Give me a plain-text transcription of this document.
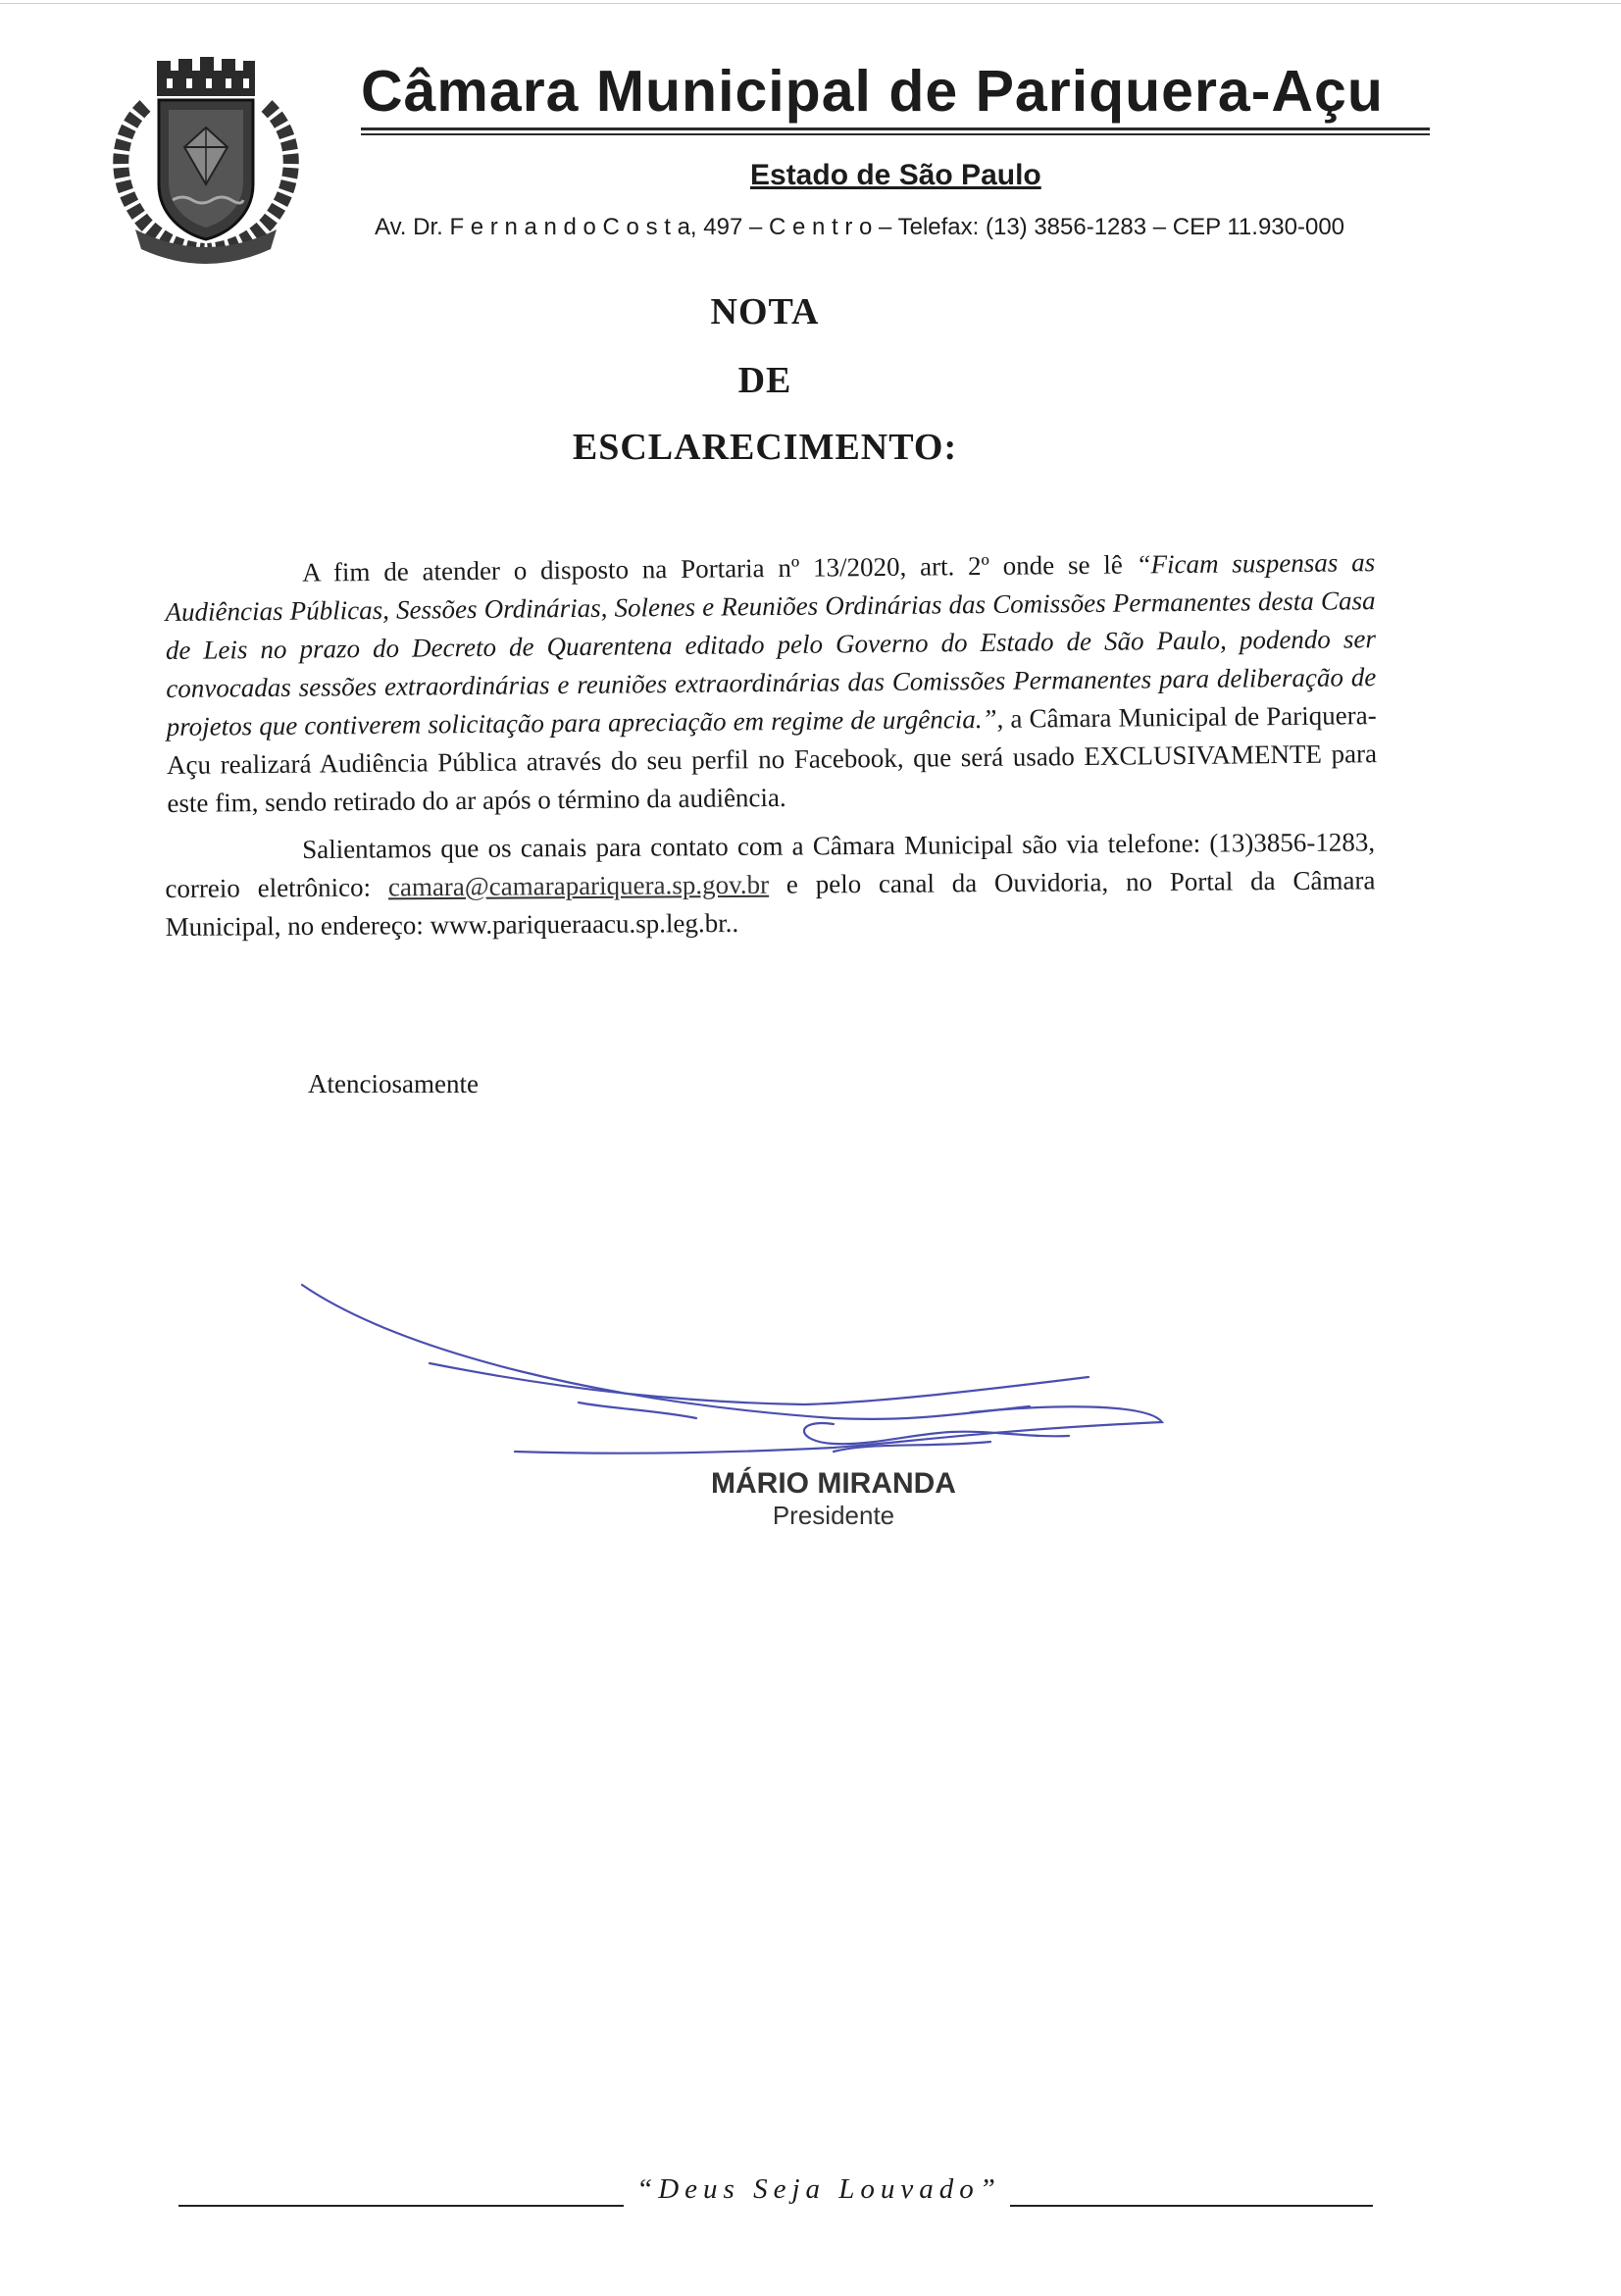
Câmara Municipal de Pariquera-Açu
Estado de São Paulo
Av. Dr. F e r n a n d o C o s t a, 497 – C e n t r o – Telefax: (13) 3856-1283 – CEP 11.930-000
NOTA
DE
ESCLARECIMENTO:
A fim de atender o disposto na Portaria nº 13/2020, art. 2º onde se lê “Ficam suspensas as Audiências Públicas, Sessões Ordinárias, Solenes e Reuniões Ordinárias das Comissões Permanentes desta Casa de Leis no prazo do Decreto de Quarentena editado pelo Governo do Estado de São Paulo, podendo ser convocadas sessões extraordinárias e reuniões extraordinárias das Comissões Permanentes para deliberação de projetos que contiverem solicitação para apreciação em regime de urgência.”, a Câmara Municipal de Pariquera-Açu realizará Audiência Pública através do seu perfil no Facebook, que será usado EXCLUSIVAMENTE para este fim, sendo retirado do ar após o término da audiência.
Salientamos que os canais para contato com a Câmara Municipal são via telefone: (13)3856-1283, correio eletrônico: camara@camarapariquera.sp.gov.br e pelo canal da Ouvidoria, no Portal da Câmara Municipal, no endereço: www.pariqueraacu.sp.leg.br..
Atenciosamente
MÁRIO MIRANDA
Presidente
“Deus Seja Louvado”
